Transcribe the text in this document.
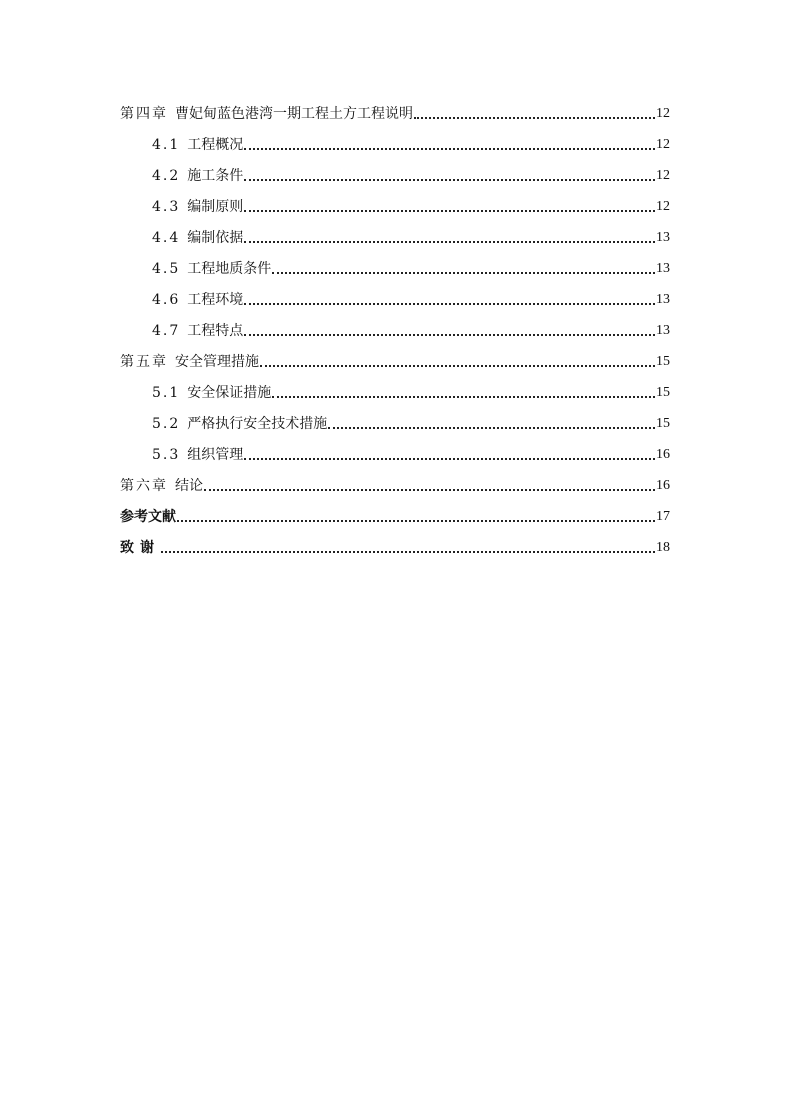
第四章 曹妃甸蓝色港湾一期工程土方工程说明	12
4.1 工程概况	12
4.2 施工条件	12
4.3 编制原则	12
4.4 编制依据	13
4.5 工程地质条件	13
4.6 工程环境	13
4.7 工程特点	13
第五章 安全管理措施	15
5.1 安全保证措施	15
5.2 严格执行安全技术措施	15
5.3 组织管理	16
第六章 结论	16
参考文献	17
致谢	18
